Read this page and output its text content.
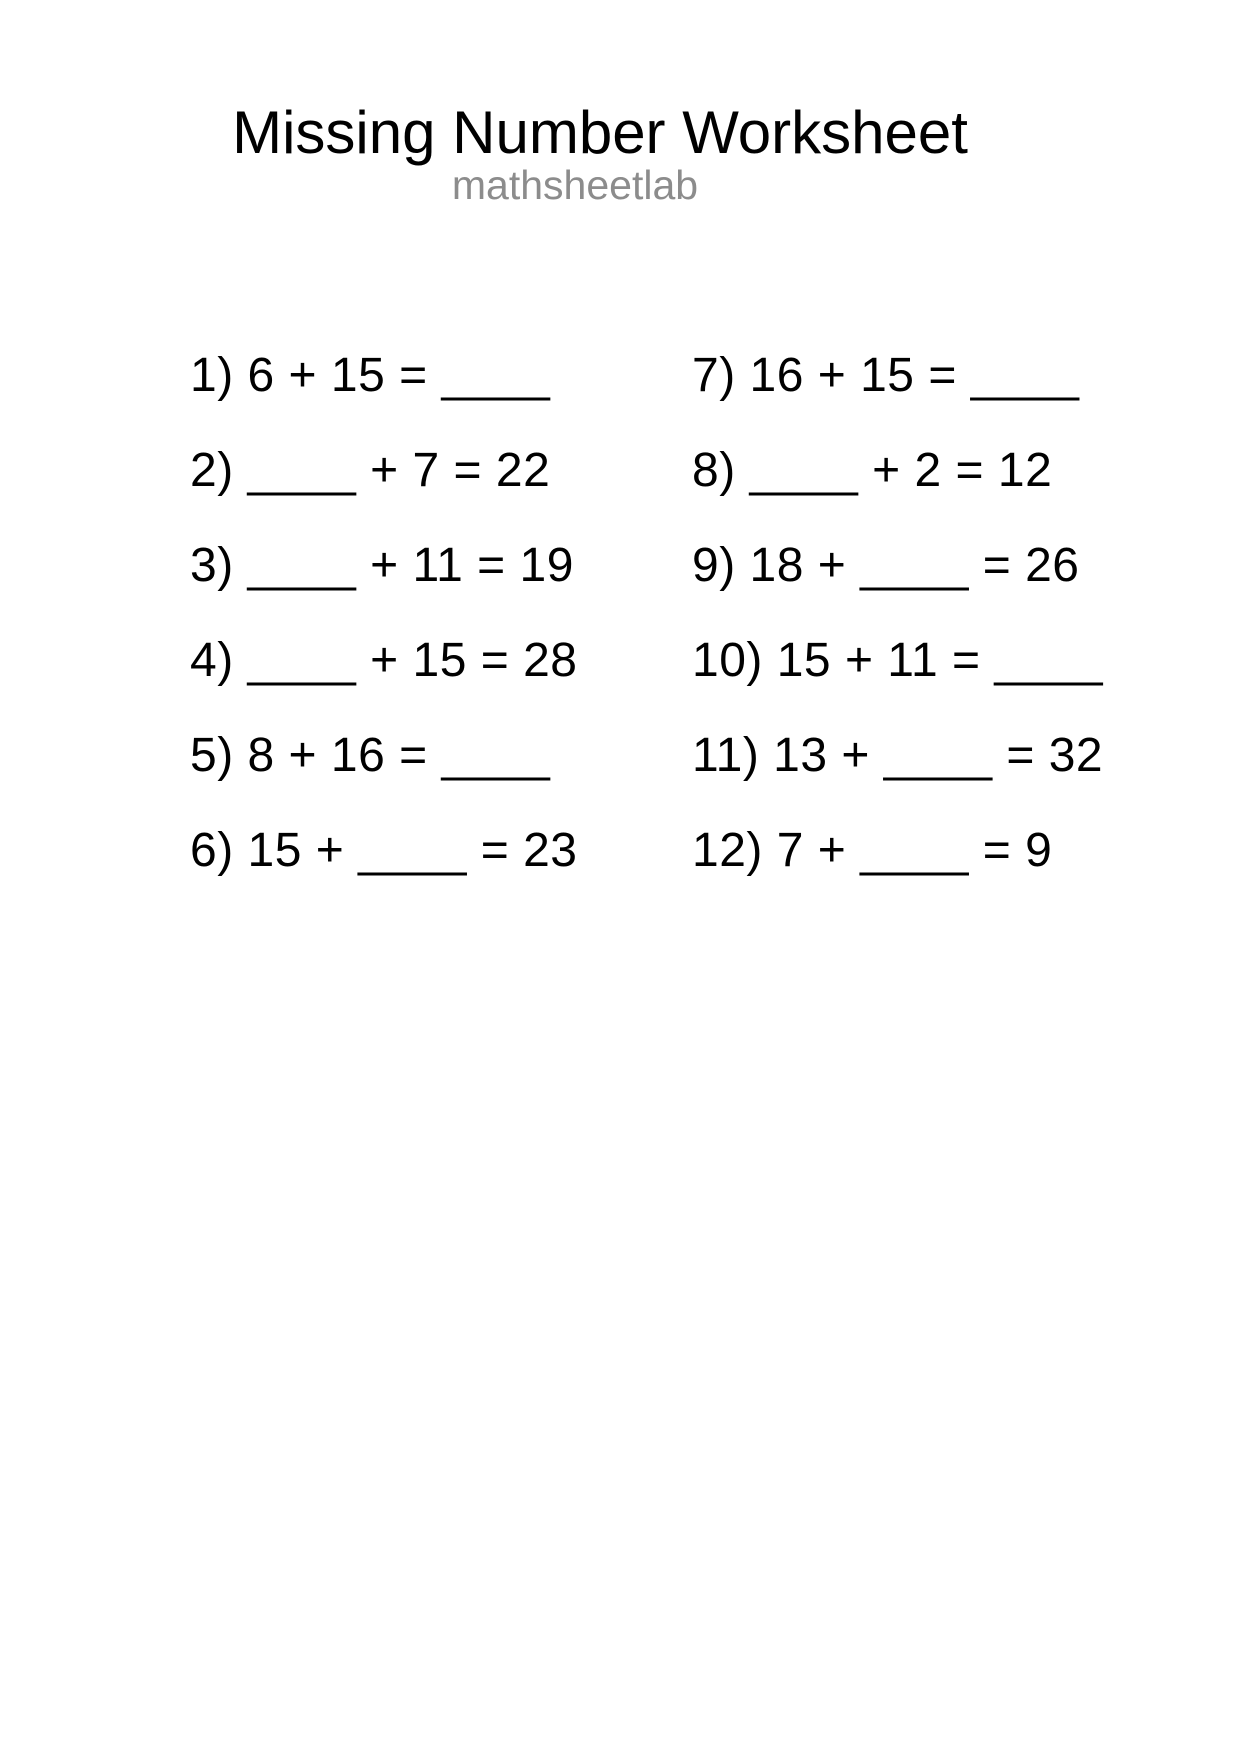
Missing Number Worksheet
mathsheetlab
1) 6 + 15 = ____
2) ____ + 7 = 22
3) ____ + 11 = 19
4) ____ + 15 = 28
5) 8 + 16 = ____
6) 15 + ____ = 23
7) 16 + 15 = ____
8) ____ + 2 = 12
9) 18 + ____ = 26
10) 15 + 11 = ____
11) 13 + ____ = 32
12) 7 + ____ = 9
